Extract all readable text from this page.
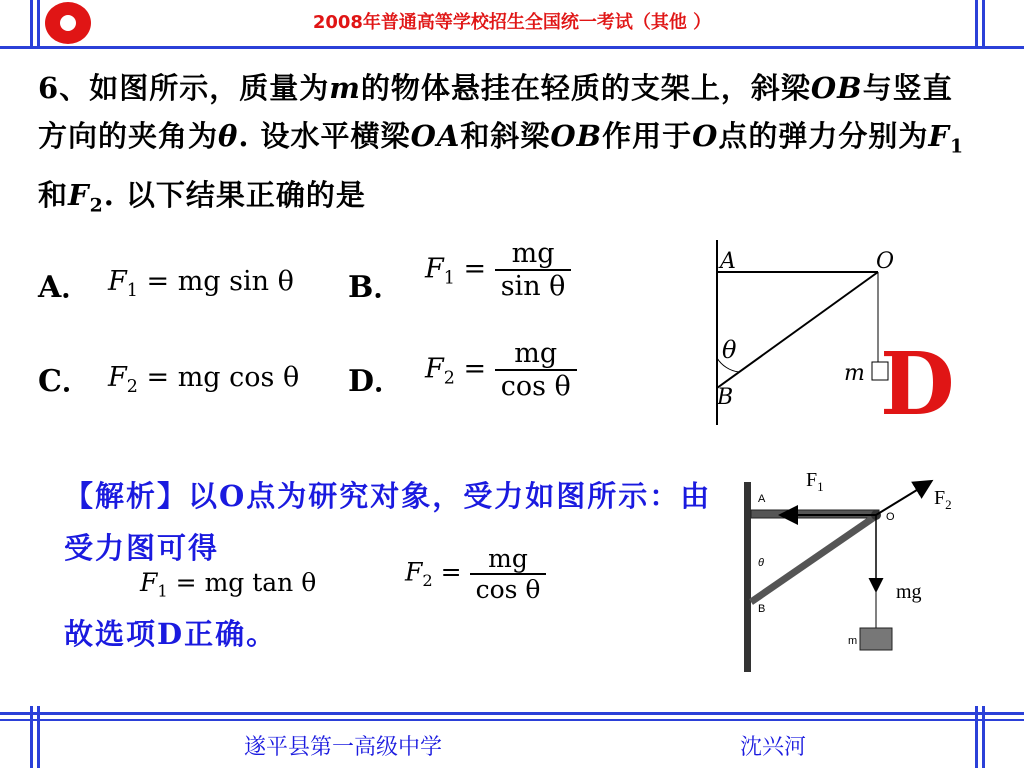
2008年普通高等学校招生全国统一考试（其他 ）
6、如图所示，质量为m的物体悬挂在轻质的支架上，斜梁OB与竖直方向的夹角为θ. 设水平横梁OA和斜梁OB作用于O点的弹力分别为$F_1$和$F_2$. 以下结果正确的是
A． $F_1$ = mg sin θ B．
$F_1 = \frac{mg}{\text{sin θ}}$
C． $F_2$ = mg cos θ D． $F_2 = \frac{mg}{\text{cos θ}}$
A	O
θ
B
m D
【解析】以O点为研究对象，受力如图所示：由受力图可得
$F_1$ = mg tan θ	$F_2 = \frac{mg}{\text{cos θ}}$
故选项D正确。
$F_1$
$F_2$
mg
A
O
θ
B
m
遂平县第一高级中学	沈兴河
